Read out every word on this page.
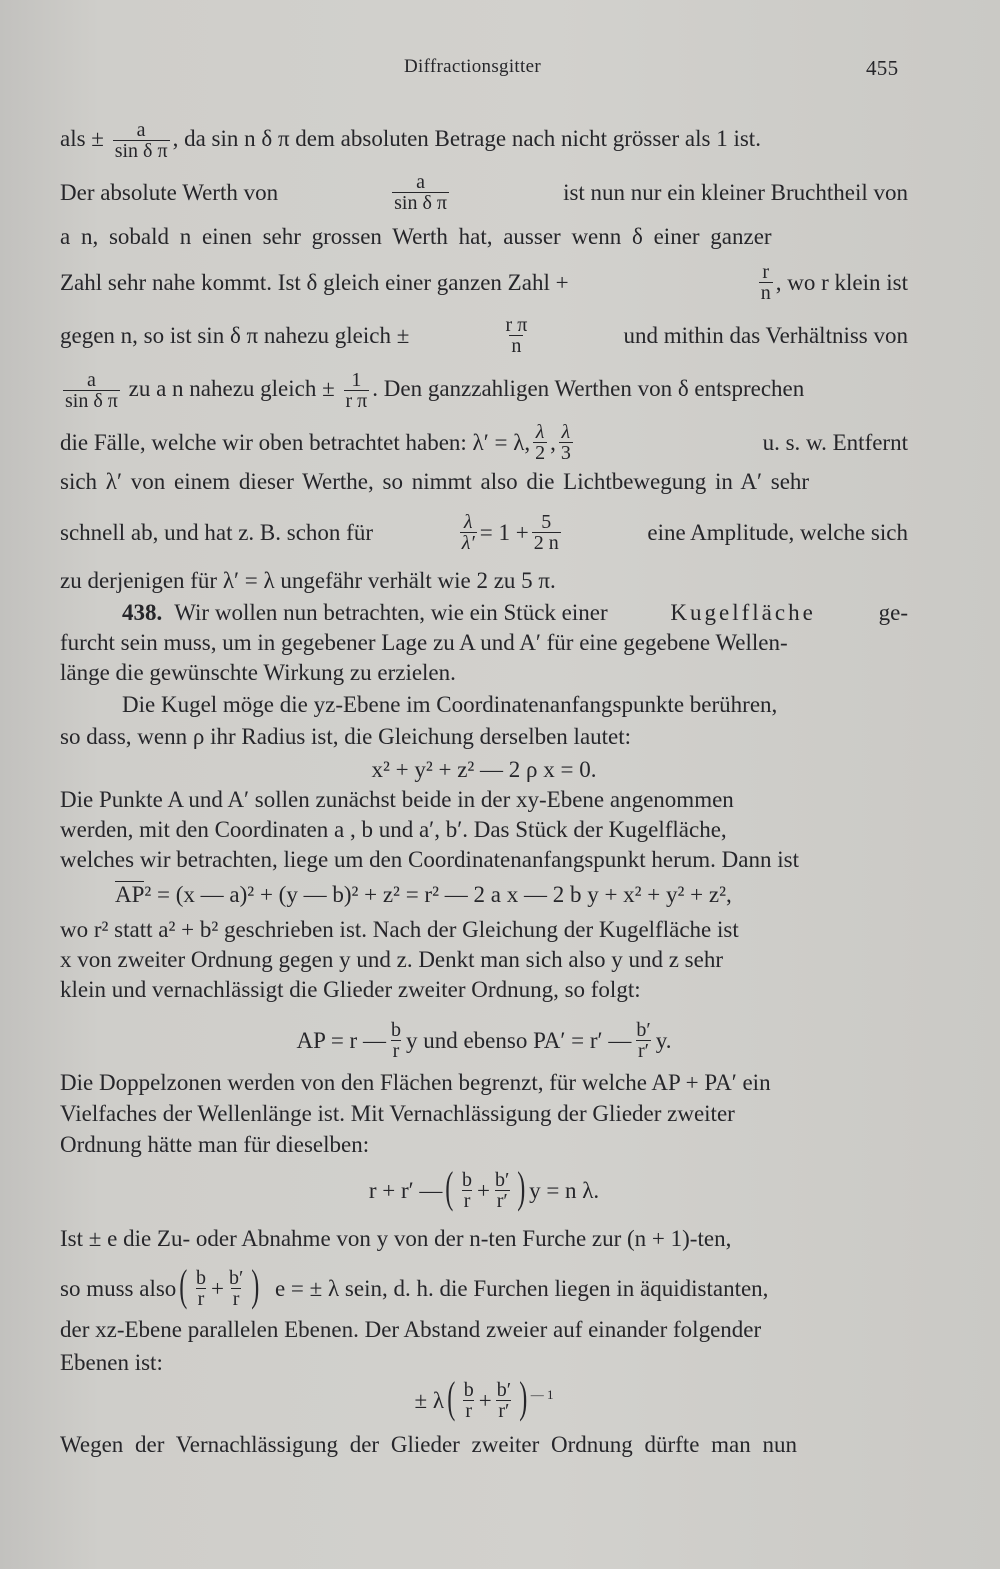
Diffractionsgitter	455
als ± $\frac{a}{\text{sin δ π}}$ , da sin n δ π dem absoluten Betrage nach nicht grösser als 1 ist.
Der absolute Werth von	$\frac{a}{\text{sin δ π}}$	ist nun nur ein kleiner Bruchtheil von
a n, sobald n einen sehr grossen Werth hat, ausser wenn δ einer ganzer
Zahl sehr nahe kommt. Ist δ gleich einer ganzen Zahl +	$\frac{r}{n}$ , wo r klein ist
gegen n, so ist sin δ π nahezu gleich ±	$\frac{\text{r π}}{n}$	und mithin das Verhältniss von
$\frac{a}{\text{sin δ π}}$ zu a n nahezu gleich ± $\frac{1}{\text{r π}}$ . Den ganzzahligen Werthen von δ entsprechen
die Fälle, welche wir oben betrachtet haben: λ′ = λ, $\frac{\lambda}{2}$ , $\frac{\lambda}{3}$	u. s. w. Entfernt
sich λ′ von einem dieser Werthe, so nimmt also die Lichtbewegung in A′ sehr
schnell ab, und hat z. B. schon für	$\frac{\lambda}{\lambda'} = 1 + \frac{5}{2 n}$	eine Amplitude, welche sich
zu derjenigen für λ′ = λ ungefähr verhält wie 2 zu 5 π.
438. Wir wollen nun betrachten, wie ein Stück einer	Kugelfläche	ge-
furcht sein muss, um in gegebener Lage zu A und A′ für eine gegebene Wellen-
länge die gewünschte Wirkung zu erzielen.
Die Kugel möge die yz-Ebene im Coordinatenanfangspunkte berühren,
so dass, wenn ρ ihr Radius ist, die Gleichung derselben lautet:
x² + y² + z² — 2 ρ x = 0.
Die Punkte A und A′ sollen zunächst beide in der xy-Ebene angenommen
werden, mit den Coordinaten a , b und a′, b′. Das Stück der Kugelfläche,
welches wir betrachten, liege um den Coordinatenanfangspunkt herum. Dann ist
AP² = (x — a)² + (y — b)² + z² = r² — 2 a x — 2 b y + x² + y² + z²,
wo r² statt a² + b² geschrieben ist. Nach der Gleichung der Kugelfläche ist
x von zweiter Ordnung gegen y und z. Denkt man sich also y und z sehr
klein und vernachlässigt die Glieder zweiter Ordnung, so folgt:
AP = r — $\frac{b}{r}$ y und ebenso PA′ = r′ — $\frac{b'}{r'} y$.
Die Doppelzonen werden von den Flächen begrenzt, für welche AP + PA′ ein
Vielfaches der Wellenlänge ist. Mit Vernachlässigung der Glieder zweiter
Ordnung hätte man für dieselben:
r + r′ — ( $\frac{b}{r} + \frac{b'}{r'}$ ) y = n λ.
Ist ± e die Zu- oder Abnahme von y von der n-ten Furche zur (n + 1)-ten,
so muss also ( $\frac{b}{r} + \frac{b'}{r}$ ) e = ± λ sein, d. h. die Furchen liegen in äquidistanten,
der xz-Ebene parallelen Ebenen. Der Abstand zweier auf einander folgender
Ebenen ist:
± λ ( $\frac{b}{r} + \frac{b'}{r'}$ ) — 1
Wegen der Vernachlässigung der Glieder zweiter Ordnung dürfte man nun
